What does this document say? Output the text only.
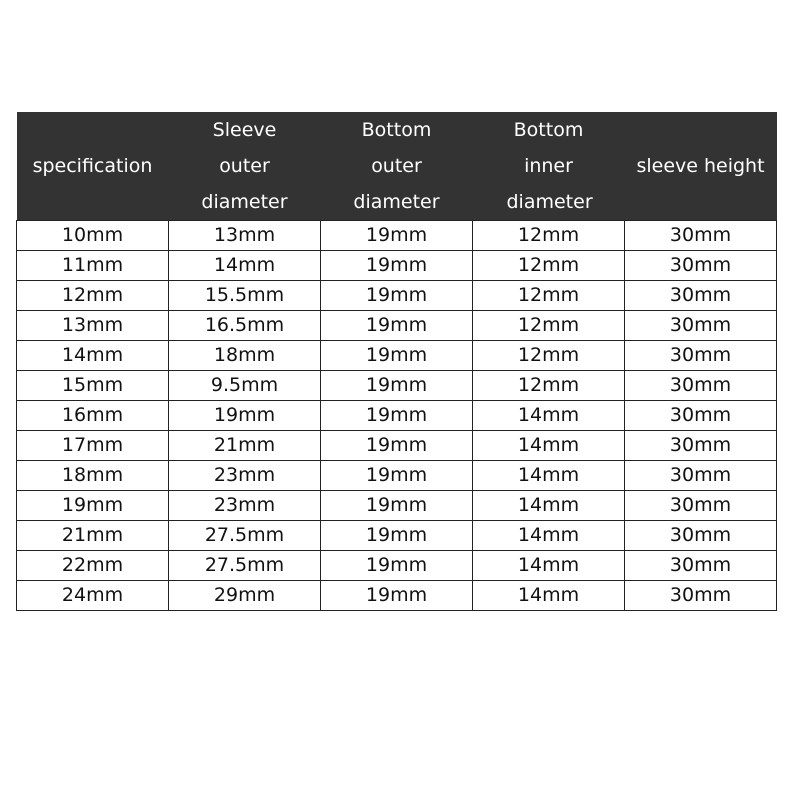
specification	Sleeve outer diameter	Bottom outer diameter	Bottom inner diameter	sleeve height
10mm	13mm	19mm	12mm	30mm
11mm	14mm	19mm	12mm	30mm
12mm	15.5mm	19mm	12mm	30mm
13mm	16.5mm	19mm	12mm	30mm
14mm	18mm	19mm	12mm	30mm
15mm	9.5mm	19mm	12mm	30mm
16mm	19mm	19mm	14mm	30mm
17mm	21mm	19mm	14mm	30mm
18mm	23mm	19mm	14mm	30mm
19mm	23mm	19mm	14mm	30mm
21mm	27.5mm	19mm	14mm	30mm
22mm	27.5mm	19mm	14mm	30mm
24mm	29mm	19mm	14mm	30mm
